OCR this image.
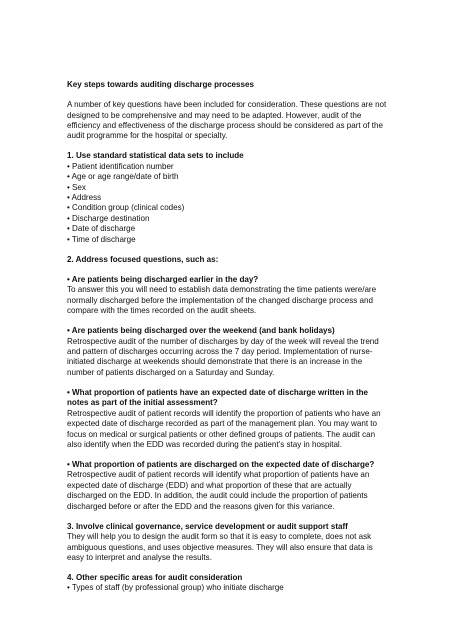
Key steps towards auditing discharge processes

A number of key questions have been included for consideration. These questions are not designed to be comprehensive and may need to be adapted. However, audit of the efficiency and effectiveness of the discharge process should be considered as part of the audit programme for the hospital or specialty.

1. Use standard statistical data sets to include

• Patient identification number
• Age or age range/date of birth
• Sex
• Address
• Condition group (clinical codes)
• Discharge destination
• Date of discharge
• Time of discharge

2. Address focused questions, such as:

• Are patients being discharged earlier in the day?

To answer this you will need to establish data demonstrating the time patients were/are normally discharged before the implementation of the changed discharge process and compare with the times recorded on the audit sheets.

• Are patients being discharged over the weekend (and bank holidays)

Retrospective audit of the number of discharges by day of the week will reveal the trend and pattern of discharges occurring across the 7 day period. Implementation of nurse-initiated discharge at weekends should demonstrate that there is an increase in the number of patients discharged on a Saturday and Sunday.

• What proportion of patients have an expected date of discharge written in the notes as part of the initial assessment?

Retrospective audit of patient records will identify the proportion of patients who have an expected date of discharge recorded as part of the management plan. You may want to focus on medical or surgical patients or other defined groups of patients. The audit can also identify when the EDD was recorded during the patient’s stay in hospital.

• What proportion of patients are discharged on the expected date of discharge?

Retrospective audit of patient records will identify what proportion of patients have an expected date of discharge (EDD) and what proportion of these that are actually discharged on the EDD. In addition, the audit could include the proportion of patients discharged before or after the EDD and the reasons given for this variance.

3. Involve clinical governance, service development or audit support staff

They will help you to design the audit form so that it is easy to complete, does not ask ambiguous questions, and uses objective measures. They will also ensure that data is easy to interpret and analyse the results.

4. Other specific areas for audit consideration

• Types of staff (by professional group) who initiate discharge
